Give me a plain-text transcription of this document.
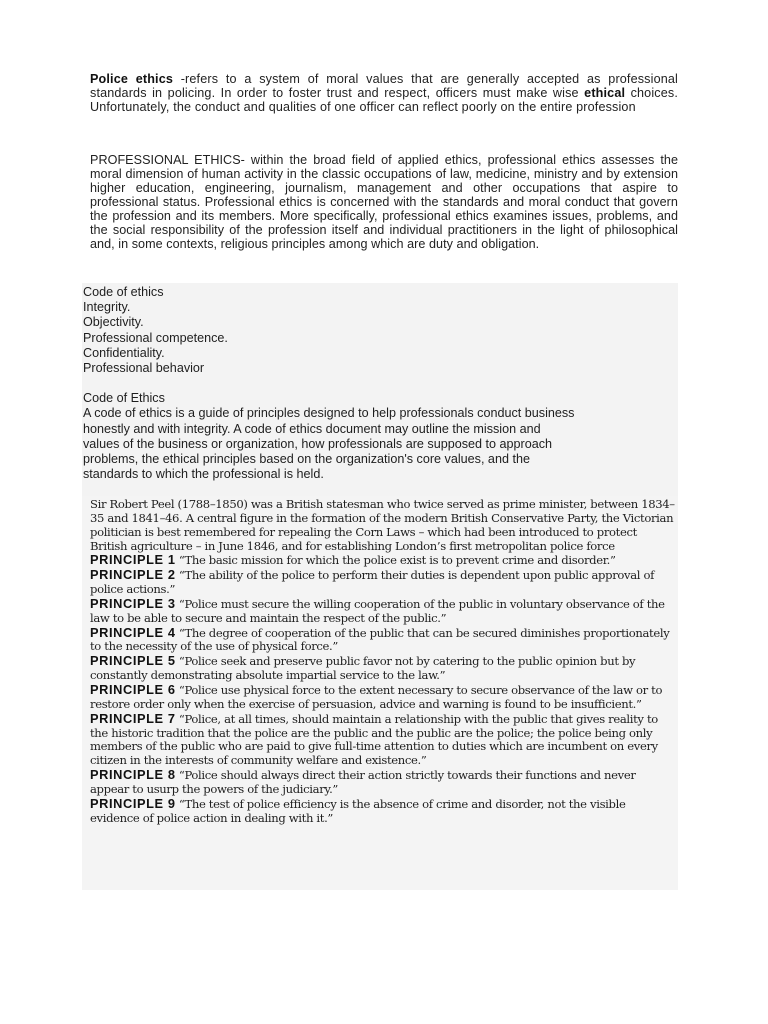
Police ethics -refers to a system of moral values that are generally accepted as professional standards in policing. In order to foster trust and respect, officers must make wise ethical choices. Unfortunately, the conduct and qualities of one officer can reflect poorly on the entire profession

PROFESSIONAL ETHICS- within the broad field of applied ethics, professional ethics assesses the moral dimension of human activity in the classic occupations of law, medicine, ministry and by extension higher education, engineering, journalism, management and other occupations that aspire to professional status. Professional ethics is concerned with the standards and moral conduct that govern the profession and its members. More specifically, professional ethics examines issues, problems, and the social responsibility of the profession itself and individual practitioners in the light of philosophical and, in some contexts, religious principles among which are duty and obligation.

Code of ethics
Integrity.
Objectivity.
Professional competence.
Confidentiality.
Professional behavior
Code of Ethics
A code of ethics is a guide of principles designed to help professionals conduct business
honestly and with integrity. A code of ethics document may outline the mission and
values of the business or organization, how professionals are supposed to approach
problems, the ethical principles based on the organization's core values, and the
standards to which the professional is held.
Sir Robert Peel (1788–1850) was a British statesman who twice served as prime minister, between 1834–35 and 1841–46. A central figure in the formation of the modern British Conservative Party, the Victorian politician is best remembered for repealing the Corn Laws – which had been introduced to protect British agriculture – in June 1846, and for establishing London’s first metropolitan police force
PRINCIPLE 1 “The basic mission for which the police exist is to prevent crime and disorder.”
PRINCIPLE 2 “The ability of the police to perform their duties is dependent upon public approval of police actions.”
PRINCIPLE 3 “Police must secure the willing cooperation of the public in voluntary observance of the law to be able to secure and maintain the respect of the public.”
PRINCIPLE 4 “The degree of cooperation of the public that can be secured diminishes proportionately to the necessity of the use of physical force.”
PRINCIPLE 5 “Police seek and preserve public favor not by catering to the public opinion but by constantly demonstrating absolute impartial service to the law.”
PRINCIPLE 6 “Police use physical force to the extent necessary to secure observance of the law or to restore order only when the exercise of persuasion, advice and warning is found to be insufficient.”
PRINCIPLE 7 “Police, at all times, should maintain a relationship with the public that gives reality to the historic tradition that the police are the public and the public are the police; the police being only members of the public who are paid to give full-time attention to duties which are incumbent on every citizen in the interests of community welfare and existence.”
PRINCIPLE 8 “Police should always direct their action strictly towards their functions and never appear to usurp the powers of the judiciary.”
PRINCIPLE 9 “The test of police efficiency is the absence of crime and disorder, not the visible evidence of police action in dealing with it.”
